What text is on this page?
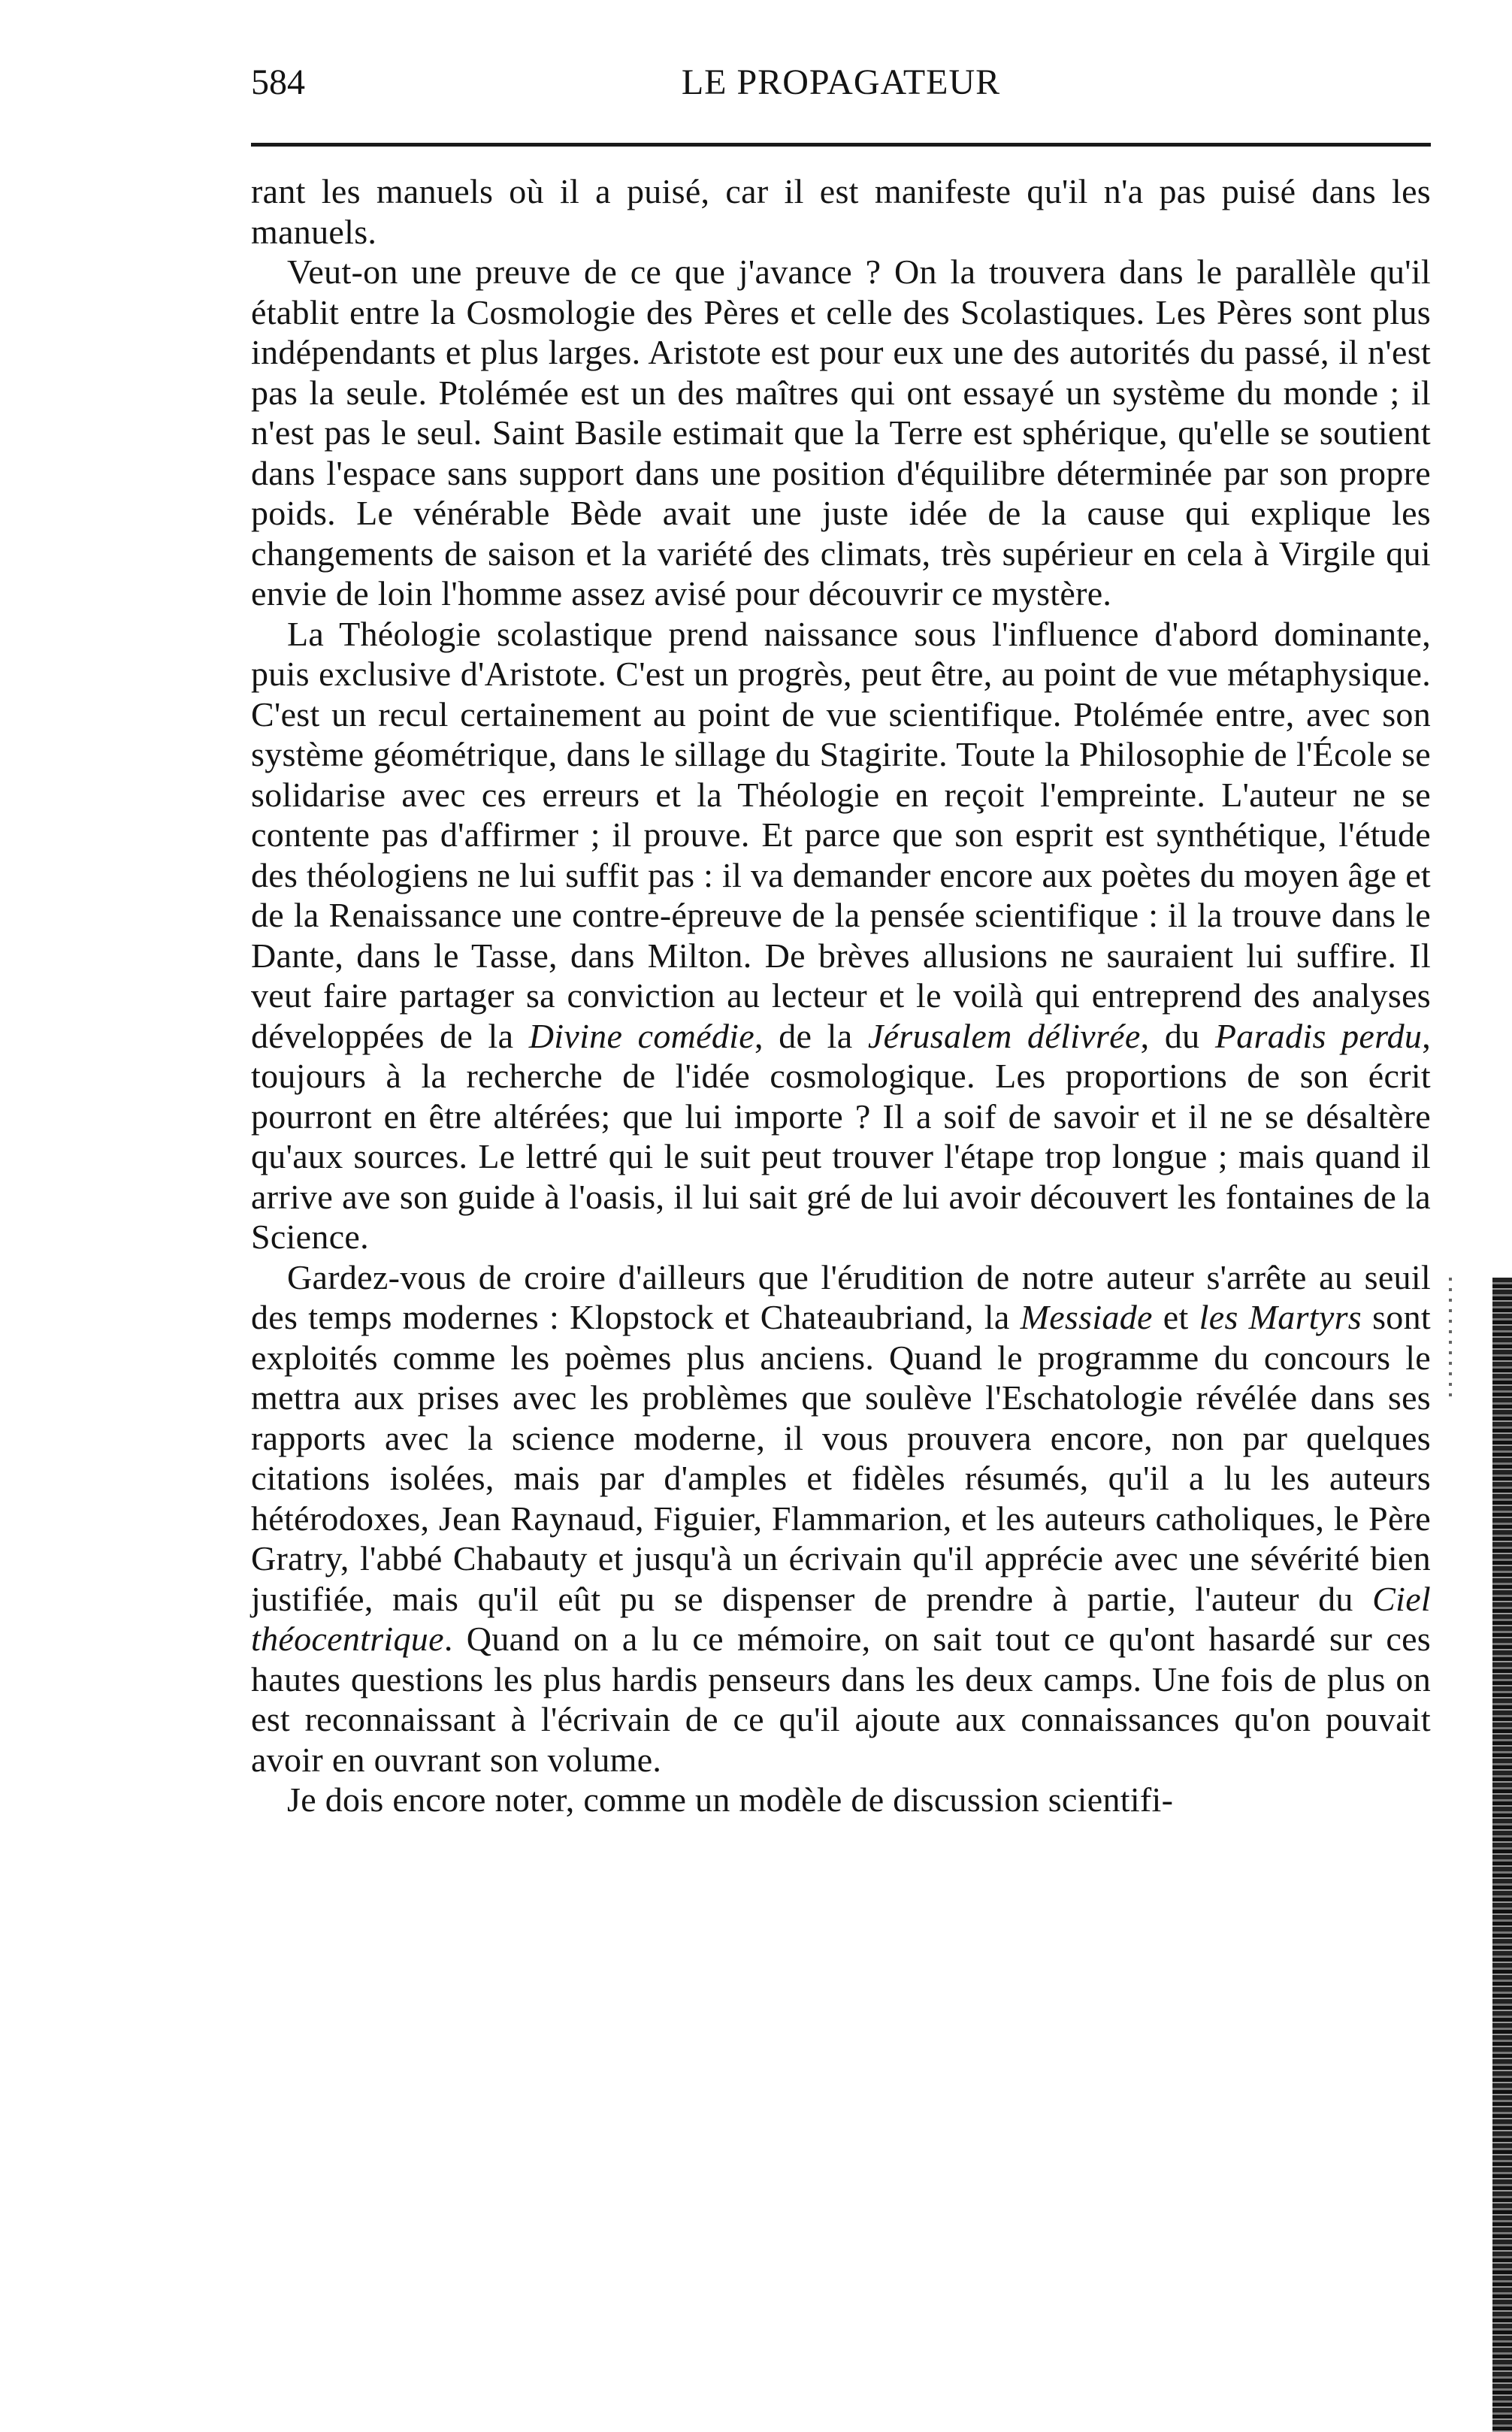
584	LE PROPAGATEUR

rant les manuels où il a puisé, car il est manifeste qu'il n'a pas puisé dans les manuels.

Veut-on une preuve de ce que j'avance ? On la trouvera dans le parallèle qu'il établit entre la Cosmologie des Pères et celle des Scolastiques. Les Pères sont plus indépendants et plus larges. Aristote est pour eux une des autorités du passé, il n'est pas la seule. Ptolémée est un des maîtres qui ont essayé un système du monde ; il n'est pas le seul. Saint Basile estimait que la Terre est sphérique, qu'elle se soutient dans l'espace sans support dans une position d'équilibre déterminée par son propre poids. Le vénérable Bède avait une juste idée de la cause qui explique les changements de saison et la variété des climats, très supérieur en cela à Virgile qui envie de loin l'homme assez avisé pour découvrir ce mystère.

La Théologie scolastique prend naissance sous l'influence d'abord dominante, puis exclusive d'Aristote. C'est un progrès, peut être, au point de vue métaphysique. C'est un recul certainement au point de vue scientifique. Ptolémée entre, avec son système géométrique, dans le sillage du Stagirite. Toute la Philosophie de l'École se solidarise avec ces erreurs et la Théologie en reçoit l'empreinte. L'auteur ne se contente pas d'affirmer ; il prouve. Et parce que son esprit est synthétique, l'étude des théologiens ne lui suffit pas : il va demander encore aux poètes du moyen âge et de la Renaissance une contre-épreuve de la pensée scientifique : il la trouve dans le Dante, dans le Tasse, dans Milton. De brèves allusions ne sauraient lui suffire. Il veut faire partager sa conviction au lecteur et le voilà qui entreprend des analyses développées de la Divine comédie, de la Jérusalem délivrée, du Paradis perdu, toujours à la recherche de l'idée cosmologique. Les proportions de son écrit pourront en être altérées; que lui importe ? Il a soif de savoir et il ne se désaltère qu'aux sources. Le lettré qui le suit peut trouver l'étape trop longue ; mais quand il arrive ave son guide à l'oasis, il lui sait gré de lui avoir découvert les fontaines de la Science.

Gardez-vous de croire d'ailleurs que l'érudition de notre auteur s'arrête au seuil des temps modernes : Klopstock et Chateaubriand, la Messiade et les Martyrs sont exploités comme les poèmes plus anciens. Quand le programme du concours le mettra aux prises avec les problèmes que soulève l'Eschatologie révélée dans ses rapports avec la science moderne, il vous prouvera encore, non par quelques citations isolées, mais par d'amples et fidèles résumés, qu'il a lu les auteurs hétérodoxes, Jean Raynaud, Figuier, Flammarion, et les auteurs catholiques, le Père Gratry, l'abbé Chabauty et jusqu'à un écrivain qu'il apprécie avec une sévérité bien justifiée, mais qu'il eût pu se dispenser de prendre à partie, l'auteur du Ciel théocentrique. Quand on a lu ce mémoire, on sait tout ce qu'ont hasardé sur ces hautes questions les plus hardis penseurs dans les deux camps. Une fois de plus on est reconnaissant à l'écrivain de ce qu'il ajoute aux connaissances qu'on pouvait avoir en ouvrant son volume.

Je dois encore noter, comme un modèle de discussion scientifi-
